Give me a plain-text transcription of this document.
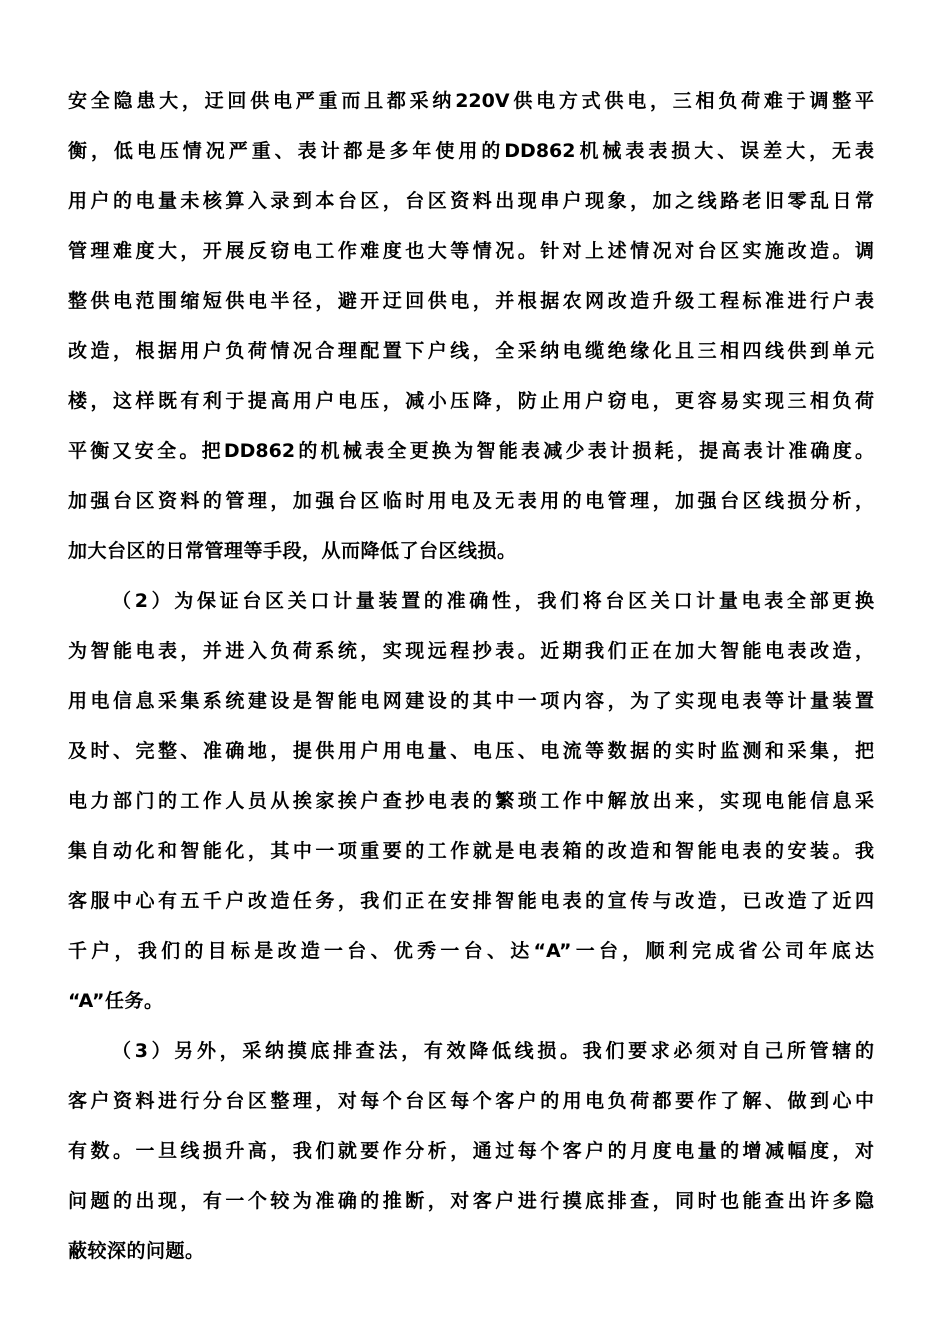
安全隐患大，迂回供电严重而且都采纳220V供电方式供电，三相负荷难于调整平
衡，低电压情况严重、表计都是多年使用的DD862机械表表损大、误差大，无表
用户的电量未核算入录到本台区，台区资料出现串户现象，加之线路老旧零乱日常
管理难度大，开展反窃电工作难度也大等情况。针对上述情况对台区实施改造。调
整供电范围缩短供电半径，避开迂回供电，并根据农网改造升级工程标准进行户表
改造，根据用户负荷情况合理配置下户线，全采纳电缆绝缘化且三相四线供到单元
楼，这样既有利于提高用户电压，减小压降，防止用户窃电，更容易实现三相负荷
平衡又安全。把DD862的机械表全更换为智能表减少表计损耗，提高表计准确度。
加强台区资料的管理，加强台区临时用电及无表用的电管理，加强台区线损分析，
加大台区的日常管理等手段，从而降低了台区线损。
（2）为保证台区关口计量装置的准确性，我们将台区关口计量电表全部更换
为智能电表，并进入负荷系统，实现远程抄表。近期我们正在加大智能电表改造，
用电信息采集系统建设是智能电网建设的其中一项内容，为了实现电表等计量装置
及时、完整、准确地，提供用户用电量、电压、电流等数据的实时监测和采集，把
电力部门的工作人员从挨家挨户查抄电表的繁琐工作中解放出来，实现电能信息采
集自动化和智能化，其中一项重要的工作就是电表箱的改造和智能电表的安装。我
客服中心有五千户改造任务，我们正在安排智能电表的宣传与改造，已改造了近四
千户，我们的目标是改造一台、优秀一台、达“A”一台，顺利完成省公司年底达
“A”任务。
（3）另外，采纳摸底排查法，有效降低线损。我们要求必须对自己所管辖的
客户资料进行分台区整理，对每个台区每个客户的用电负荷都要作了解、做到心中
有数。一旦线损升高，我们就要作分析，通过每个客户的月度电量的增减幅度，对
问题的出现，有一个较为准确的推断，对客户进行摸底排查，同时也能查出许多隐
蔽较深的问题。
